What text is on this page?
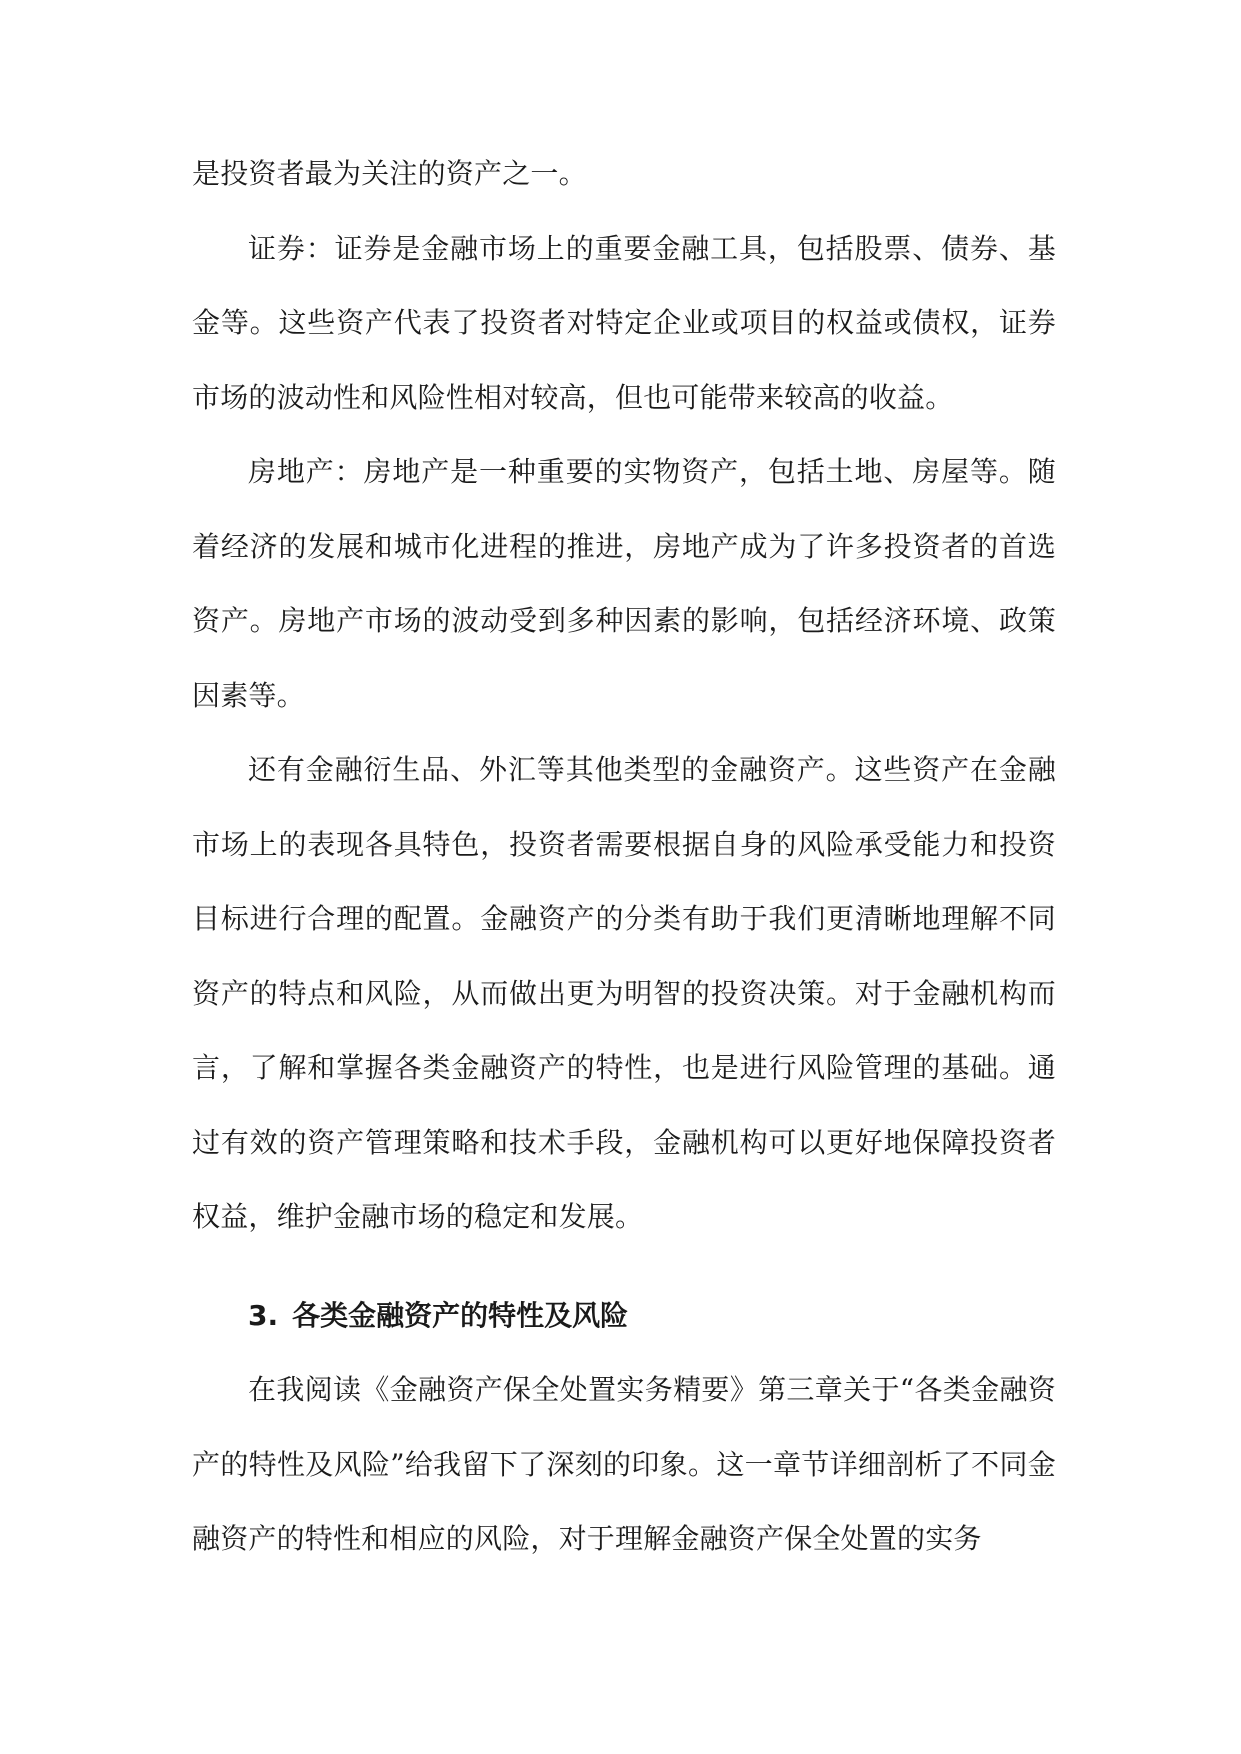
是投资者最为关注的资产之一。

证券：证券是金融市场上的重要金融工具，包括股票、债券、基金等。这些资产代表了投资者对特定企业或项目的权益或债权，证券市场的波动性和风险性相对较高，但也可能带来较高的收益。

房地产：房地产是一种重要的实物资产，包括土地、房屋等。随着经济的发展和城市化进程的推进，房地产成为了许多投资者的首选资产。房地产市场的波动受到多种因素的影响，包括经济环境、政策因素等。

还有金融衍生品、外汇等其他类型的金融资产。这些资产在金融市场上的表现各具特色，投资者需要根据自身的风险承受能力和投资目标进行合理的配置。金融资产的分类有助于我们更清晰地理解不同资产的特点和风险，从而做出更为明智的投资决策。对于金融机构而言，了解和掌握各类金融资产的特性，也是进行风险管理的基础。通过有效的资产管理策略和技术手段，金融机构可以更好地保障投资者权益，维护金融市场的稳定和发展。

3. 各类金融资产的特性及风险

在我阅读《金融资产保全处置实务精要》第三章关于“各类金融资产的特性及风险”给我留下了深刻的印象。这一章节详细剖析了不同金融资产的特性和相应的风险，对于理解金融资产保全处置的实务
